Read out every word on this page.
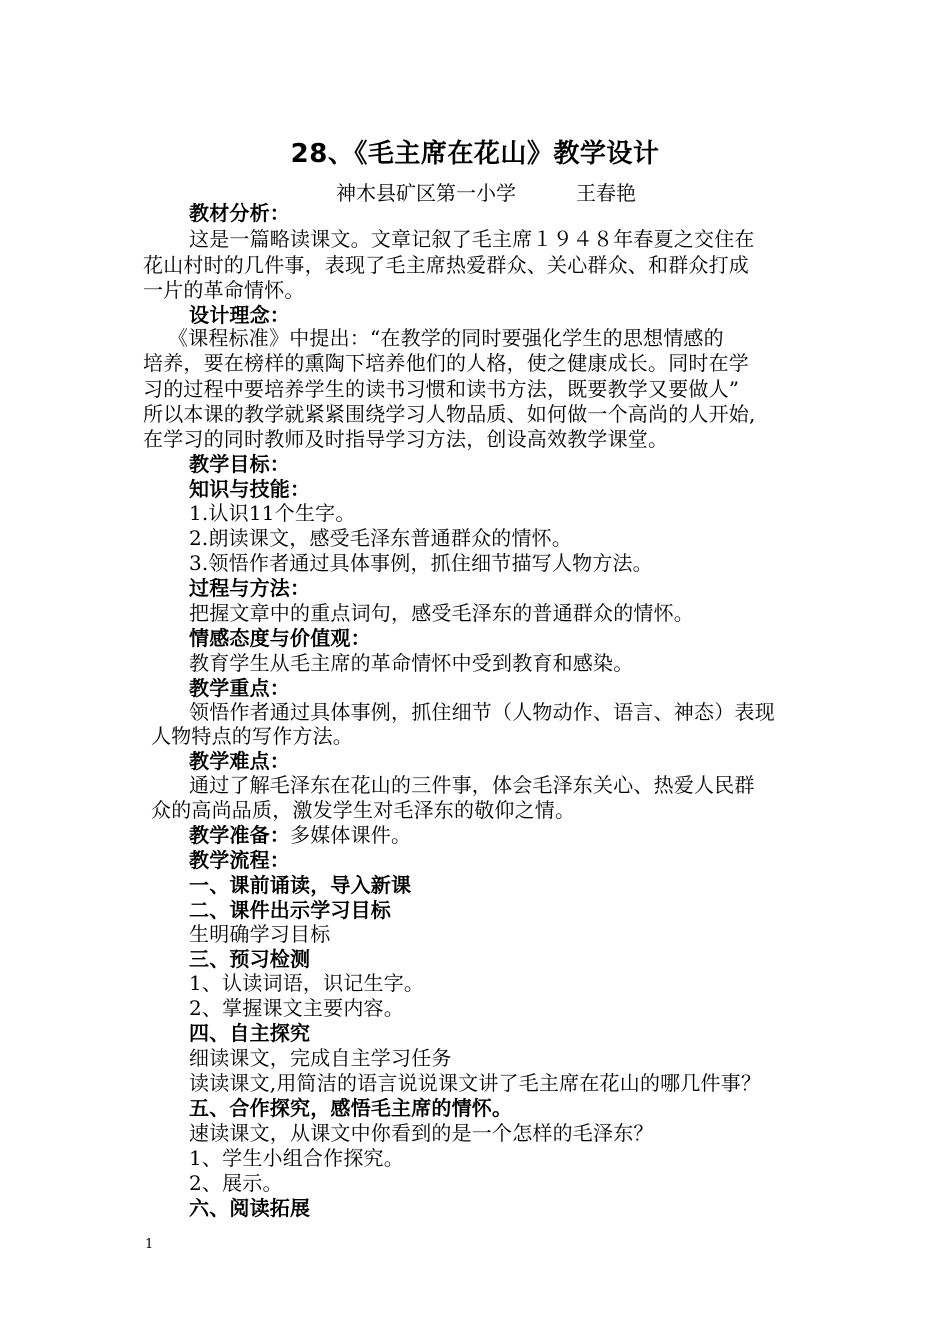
28、《毛主席在花山》教学设计
神木县矿区第一小学　　　王春艳
教材分析：
这是一篇略读课文。文章记叙了毛主席１９４８年春夏之交住在
花山村时的几件事，表现了毛主席热爱群众、关心群众、和群众打成
一片的革命情怀。
设计理念：
《课程标准》中提出：“在教学的同时要强化学生的思想情感的
培养，要在榜样的熏陶下培养他们的人格，使之健康成长。同时在学
习的过程中要培养学生的读书习惯和读书方法，既要教学又要做人”
所以本课的教学就紧紧围绕学习人物品质、如何做一个高尚的人开始,
在学习的同时教师及时指导学习方法，创设高效教学课堂。
教学目标：
知识与技能：
1.认识11个生字。
2.朗读课文，感受毛泽东普通群众的情怀。
3.领悟作者通过具体事例，抓住细节描写人物方法。
过程与方法：
把握文章中的重点词句，感受毛泽东的普通群众的情怀。
情感态度与价值观：
教育学生从毛主席的革命情怀中受到教育和感染。
教学重点：
领悟作者通过具体事例，抓住细节（人物动作、语言、神态）表现
人物特点的写作方法。
教学难点：
通过了解毛泽东在花山的三件事，体会毛泽东关心、热爱人民群
众的高尚品质，激发学生对毛泽东的敬仰之情。
教学准备：多媒体课件。
教学流程：
一、课前诵读，导入新课
二、课件出示学习目标
生明确学习目标
三、预习检测
1、认读词语，识记生字。
2、掌握课文主要内容。
四、自主探究
细读课文，完成自主学习任务
读读课文,用简洁的语言说说课文讲了毛主席在花山的哪几件事？
五、合作探究，感悟毛主席的情怀。
速读课文，从课文中你看到的是一个怎样的毛泽东？
1、学生小组合作探究。
2、展示。
六、阅读拓展
1
